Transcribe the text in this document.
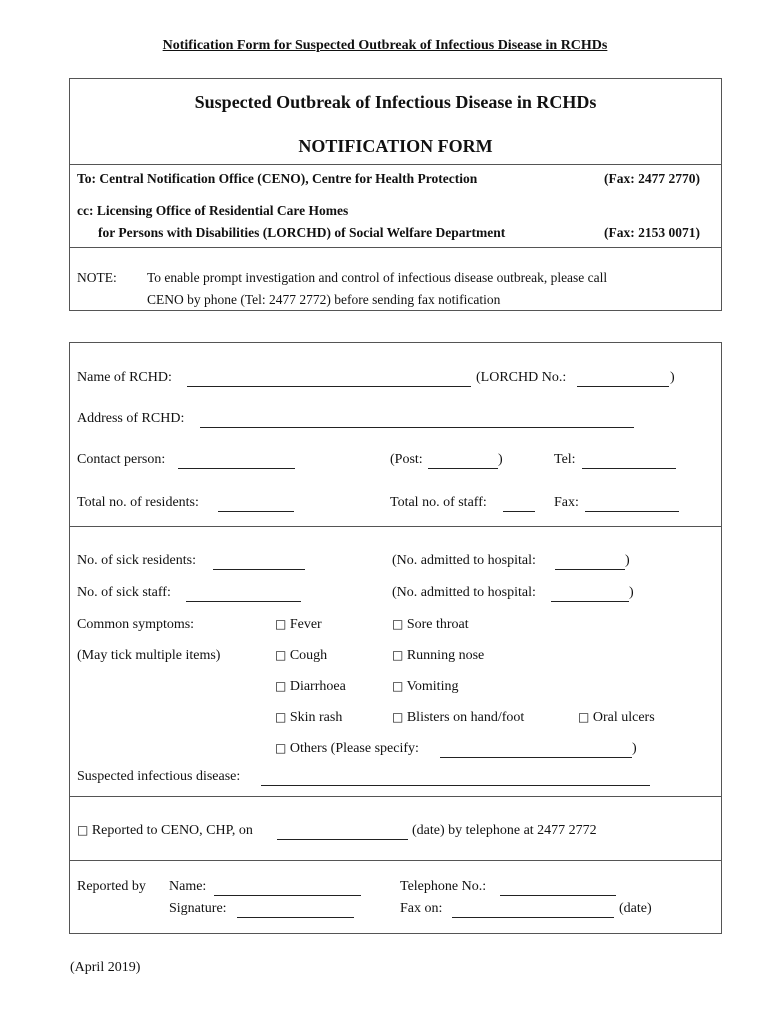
Notification Form for Suspected Outbreak of Infectious Disease in RCHDs
Suspected Outbreak of Infectious Disease in RCHDs
NOTIFICATION FORM
To: Central Notification Office (CENO), Centre for Health Protection	(Fax: 2477 2770)
cc: Licensing Office of Residential Care Homes
for Persons with Disabilities (LORCHD) of Social Welfare Department	(Fax: 2153 0071)
NOTE: To enable prompt investigation and control of infectious disease outbreak, please call
CENO by phone (Tel: 2477 2772) before sending fax notification
Name of RCHD:	(LORCHD No.:	)
Address of RCHD:
Contact person:	(Post:	)	Tel:
Total no. of residents:	Total no. of staff:	Fax:
No. of sick residents:	(No. admitted to hospital:	)
No. of sick staff:	(No. admitted to hospital:	)
Common symptoms:
(May tick multiple items)
□ Fever	□ Sore throat
□ Cough	□ Running nose
□ Diarrhoea	□ Vomiting
□ Skin rash	□ Blisters on hand/foot	□ Oral ulcers
□ Others (Please specify:	)
Suspected infectious disease:
□ Reported to CENO, CHP, on	(date) by telephone at 2477 2772
Reported by Name:	Telephone No.:
Signature:	Fax on:	(date)
(April 2019)
